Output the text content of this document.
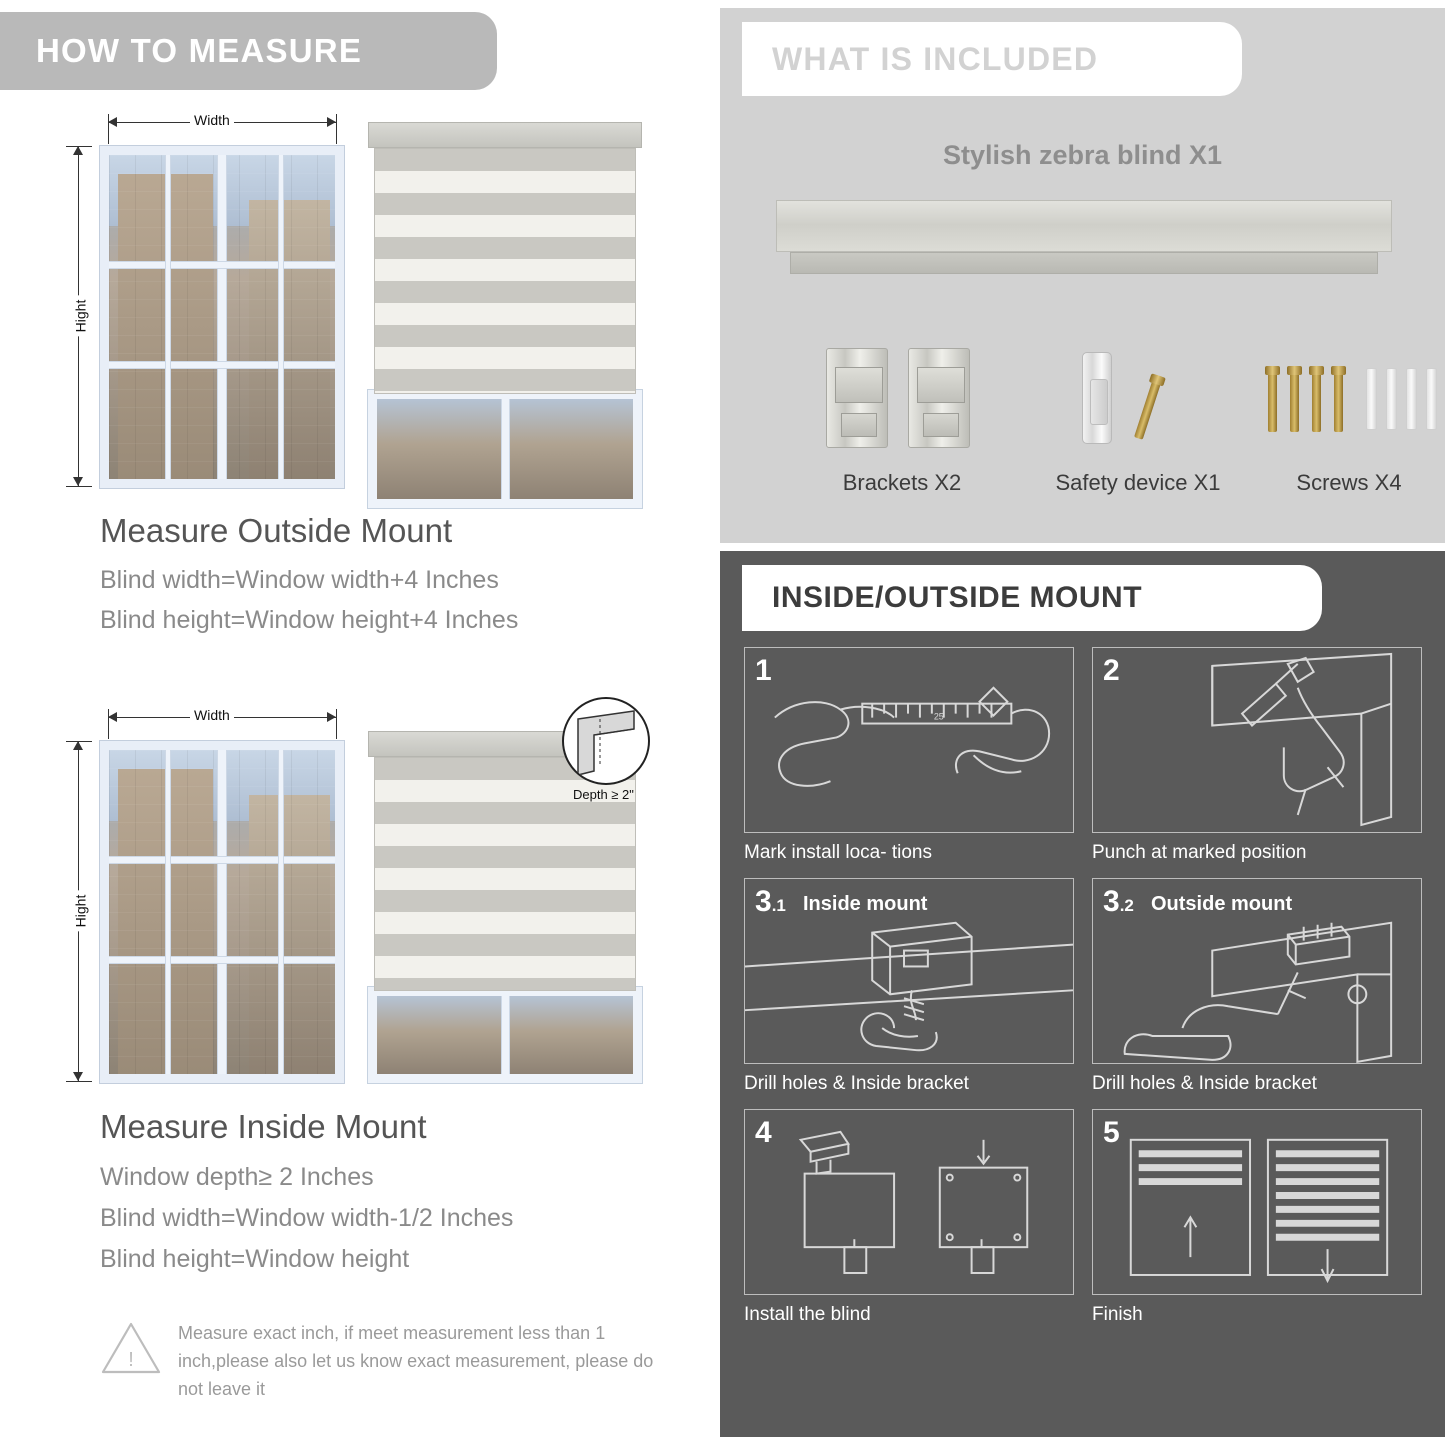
HOW TO MEASURE
Width
Hight
Measure Outside Mount
Blind width=Window width+4 Inches
Blind height=Window height+4 Inches
Width
Hight
Depth ≥ 2"
Measure Inside Mount
Window depth≥ 2 Inches
Blind width=Window width-1/2 Inches
Blind height=Window height
!
Measure exact inch, if meet measurement less than 1 inch,please also let us know exact measurement, please do not leave it
WHAT IS INCLUDED
Stylish zebra blind X1
Brackets X2	Safety device X1	Screws X4
INSIDE/OUTSIDE MOUNT
1
25
Mark install loca- tions
2
Punch at marked position
3.1 Inside mount
Drill holes & Inside bracket
3.2 Outside mount
Drill holes & Inside bracket
4
Install the blind
5
Finish
